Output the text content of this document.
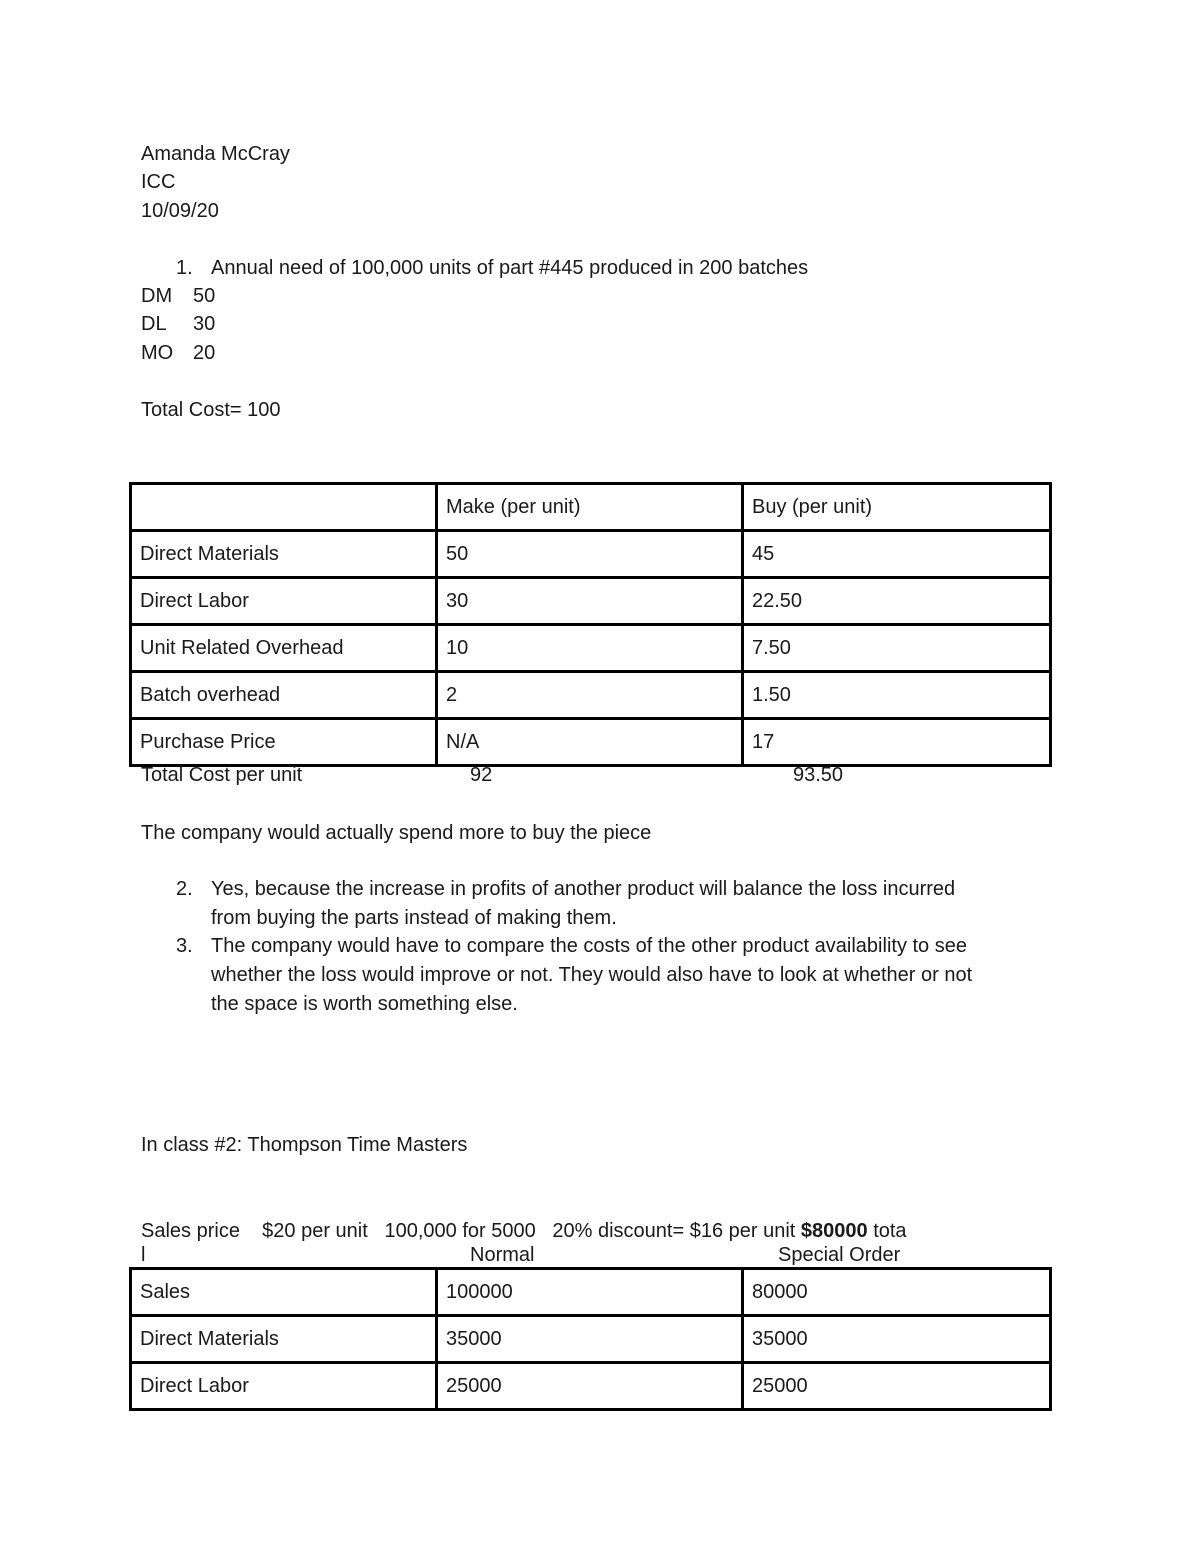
Amanda McCray
ICC
10/09/20
1. Annual need of 100,000 units of part #445 produced in 200 batches
DM 50
DL 30
MO 20
Total Cost= 100
	Make (per unit)	Buy (per unit)
Direct Materials	50	45
Direct Labor	30	22.50
Unit Related Overhead	10	7.50
Batch overhead	2	1.50
Purchase Price	N/A	17
Total Cost per unit	92	93.50
The company would actually spend more to buy the piece
2. Yes, because the increase in profits of another product will balance the loss incurred
from buying the parts instead of making them.
3. The company would have to compare the costs of the other product availability to see
whether the loss would improve or not. They would also have to look at whether or not
the space is worth something else.
In class #2: Thompson Time Masters
Sales price    $20 per unit   100,000 for 5000   20% discount= $16 per unit $80000 tota
l	Normal	Special Order
Sales	100000	80000
Direct Materials	35000	35000
Direct Labor	25000	25000
